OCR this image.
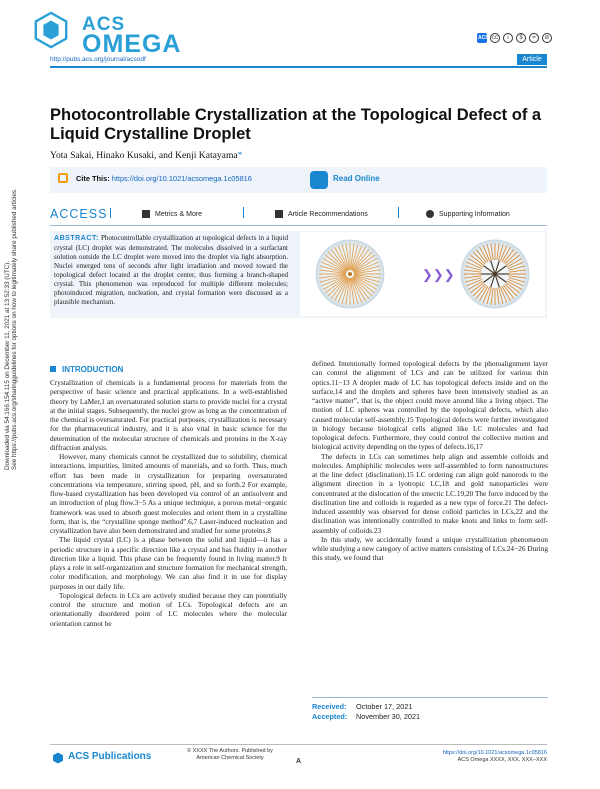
ACS
OMEGA
http://pubs.acs.org/journal/acsodf
ACS cc	i	$	=	⊜
Article
Photocontrollable Crystallization at the Topological Defect of a Liquid Crystalline Droplet
Yota Sakai, Hinako Kusaki, and Kenji Katayama*
Cite This: https://doi.org/10.1021/acsomega.1c05816	Read Online
ACCESS	Metrics & More	Article Recommendations	Supporting Information
ABSTRACT: Photocontrollable crystallization at topological defects in a liquid crystal (LC) droplet was demonstrated. The molecules dissolved in a surfactant solution outside the LC droplet were moved into the droplet via light absorption. Nuclei emerged tens of seconds after light irradiation and moved toward the topological defect located at the droplet center, thus forming a branch-shaped crystal. This phenomenon was reproduced for multiple different molecules; photoinduced migration, nucleation, and crystal formation were discussed as a plausible mechanism.
❯❯❯
Downloaded via 54.166.154.115 on December 11, 2021 at 13:52:33 (UTC). See https://pubs.acs.org/sharingguidelines for options on how to legitimately share published articles.	INTRODUCTION

Crystallization of chemicals is a fundamental process for materials from the perspective of basic science and practical applications. In a well-established theory by LaMer,1 an oversaturated solution starts to provide nuclei for a crystal at the initial stages. Subsequently, the nuclei grow as long as the concentration of the chemical is oversaturated. For practical purposes, crystallization is necessary for the pharmaceutical industry, and it is also vital in basic science for the determination of the molecular structure of chemicals and proteins in the X-ray diffraction analysis.

However, many chemicals cannot be crystallized due to solubility, chemical interactions, impurities, limited amounts of materials, and so forth. Thus, much effort has been made in crystallization for preparing oversaturated concentrations via temperature, stirring speed, pH, and so forth.2 For example, flow-based crystallization has been developed via control of an antisolvent and an introduction of plug flow.3−5 As a unique technique, a porous metal−organic framework was used to absorb guest molecules and orient them in a crystalline form, that is, the “crystalline sponge method”.6,7 Laser-induced nucleation and crystallization have also been demonstrated and studied for some proteins.8

The liquid crystal (LC) is a phase between the solid and liquid—it has a periodic structure in a specific direction like a crystal and has fluidity in another direction like a liquid. This phase can be frequently found in living matter.9 It plays a role in self-organization and structure formation for mechanical strength, color modification, and morphology. We can also find it in use for display purposes in our daily life.

Topological defects in LCs are actively studied because they can potentially control the structure and motion of LCs. Topological defects are an orientationally disordered point of LC molecules where the molecular orientation cannot be

defined. Intentionally formed topological defects by the photoalignment layer can control the alignment of LCs and can be utilized for various thin optics.11−13 A droplet made of LC has topological defects inside and on the surface,14 and the droplets and spheres have been intensively studied as an “active matter”, that is, the object could move around like a living object. The motion of LC spheres was controlled by the topological defects, which also caused molecular self-assembly.15 Topological defects were further investigated in biology because biological cells aligned like LC molecules and had topological defects. Furthermore, they could control the collective motion and biological activity depending on the types of defects.16,17

The defects in LCs can sometimes help align and assemble colloids and molecules. Amphiphilic molecules were self-assembled to form nanostructures at the line defect (disclination).15 LC ordering can align gold nanorods to the alignment direction in a lyotropic LC,18 and gold nanoparticles were concentrated at the dislocation of the smectic LC.19,20 The force induced by the disclination line and colloids is regarded as a new type of force.21 The defect-induced assembly was observed for dense colloid particles in LCs,22 and the disclination was intentionally controlled to make knots and links to form self-assembly of colloids.23

In this study, we accidentally found a unique crystallization phenomenon while studying a new category of active matters consisting of LCs.24−26 During this study, we found that

Received: October 17, 2021
Accepted: November 30, 2021
ACS Publications	© XXXX The Authors. Published by American Chemical Society
A
https://doi.org/10.1021/acsomega.1c05816
ACS Omega XXXX, XXX, XXX−XXX
